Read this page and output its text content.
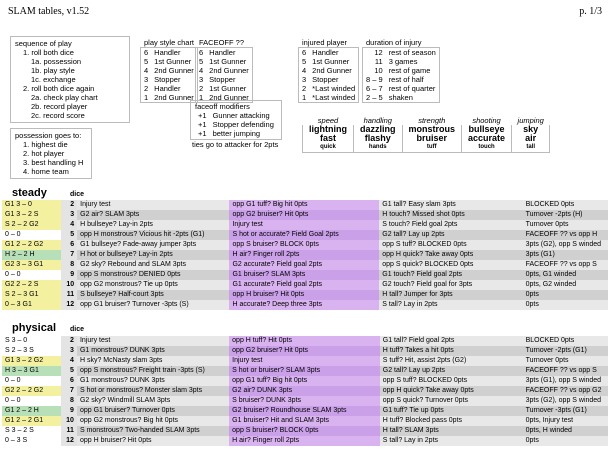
SLAM tables, v1.52	p. 1/3
sequence of play
1. roll both dice
1a. possession
1b. play style
1c. exchange
2. roll both dice again
2a. check play chart
2b. record player
2c. record score
possession goes to:
1. highest die
2. hot player
3. best handling H
4. home team
play style chart
6	Handler
5	1st Gunner
4	2nd Gunner
3	Stopper
2	Handler
1	2nd Gunner
FACEOFF ??
6	Handler
5	1st Gunner
4	2nd Gunner
3	Stopper
2	1st Gunner
1	2nd Gunner
faceoff modifiers
+1	Gunner attacking
+1	Stopper defending
+1	better jumping
ties go to attacker for 2pts
injured player
6	Handler
5	1st Gunner
4	2nd Gunner
3	Stopper
2	*Last winded
1	*Last winded
duration of injury
12	rest of season
11	3 games
10	rest of game
8 – 9	rest of half
6 – 7	rest of quarter
2 – 5	shaken
speed	handling	strength	shooting	jumping
lightning	dazzling	monstrous	bullseye	sky
fast	flashy	bruiser	accurate	air
quick	hands	tuff	touch	tall
steady	dice
G1 3 – 0	2	Injury test	opp G1 tuff? Big hit 0pts	G1 tall? Easy slam 3pts	BLOCKED 0pts
G1 3 – 2 S	3	G2 air? SLAM 3pts	opp G2 bruiser? Hit 0pts	H touch? Missed shot 0pts	Turnover -2pts (H)
S 2 – 2 G2	4	H bullseye? Lay-in 2pts	Injury test	S touch? Field goal 2pts	Turnover 0pts
0 – 0	5	opp H monstrous? Vicious hit -2pts (G1)	S hot or accurate? Field Goal 2pts	G2 tall? Lay up 2pts	FACEOFF ?? vs opp H
G1 2 – 2 G2	6	G1 bullseye? Fade-away jumper 3pts	opp S bruiser? BLOCK 0pts	opp S tuff? BLOCKED 0pts	3pts (G2), opp S winded
H 2 – 2 H	7	H hot or bullseye? Lay-in 2pts	H air? Finger roll 2pts	opp H quick? Take away 0pts	3pts (G1)
G2 3 – 3 G1	8	G2 sky? Rebound and SLAM 3pts	G2 accurate? Field goal 2pts	opp S quick? BLOCKED 0pts	FACEOFF ?? vs opp S
0 – 0	9	opp S monstrous? DENIED 0pts	G1 bruiser? SLAM 3pts	G1 touch? Field goal 2pts	0pts, G1 winded
G2 2 – 2 S	10	opp G2 monstrous? Tie up 0pts	G1 accurate? Field goal 2pts	G2 touch? Field goal for 3pts	0pts, G2 winded
S 2 – 3 G1	11	S bullseye? Half-court 3pts	opp H bruiser? Hit 0pts	H tall? Jumper for 3pts	0pts
0 – 3 G1	12	opp G1 bruiser? Turnover -3pts (S)	H accurate? Deep three 3pts	S tall? Lay in 2pts	0pts
physical dice
S 3 – 0	2	Injury test	opp H tuff? Hit 0pts	G1 tall? Field goal 2pts	BLOCKED 0pts
S 2 – 3 S	3	G1 monstrous? DUNK 3pts	opp G2 bruiser? Hit 0pts	H tuff? Takes a hit 0pts	Turnover -2pts (G1)
G1 3 – 2 G2	4	H sky? McNasty slam 3pts	Injury test	S tuff? Hit, assist 2pts (G2)	Turnover 0pts
H 3 – 3 G1	5	opp S monstrous? Freight train -3pts (S)	S hot or bruiser? SLAM 3pts	G2 tall? Lay up 2pts	FACEOFF ?? vs opp S
0 – 0	6	G1 monstrous? DUNK 3pts	opp G1 tuff? Big hit 0pts	opp S tuff? BLOCKED 0pts	3pts (G1), opp S winded
G2 2 – 2 G2	7	S hot or monstrous? Monster slam 3pts	G2 air? DUNK 3pts	opp H quick? Take away 0pts	FACEOFF ?? vs opp G2
0 – 0	8	G2 sky? Windmill SLAM 3pts	S bruiser? DUNK 3pts	opp S quick? Turnover 0pts	3pts (G2), opp S winded
G1 2 – 2 H	9	opp G1 bruiser? Turnover 0pts	G2 bruiser? Roundhouse SLAM 3pts	G1 tuff? Tie up 0pts	Turnover -3pts (G1)
G1 2 – 2 G1	10	opp G2 monstrous? Big hit 0pts	G1 bruiser? Hit and SLAM 3pts	H tuff? Blocked pass 0pts	0pts, Injury test
S 3 – 2 S	11	S monstrous? Two-handed SLAM 3pts	opp S bruiser? BLOCK 0pts	H tall? SLAM 3pts	0pts, H winded
0 – 3 S	12	opp H bruiser? Hit 0pts	H air? Finger roll 2pts	S tall? Lay in 2pts	0pts
